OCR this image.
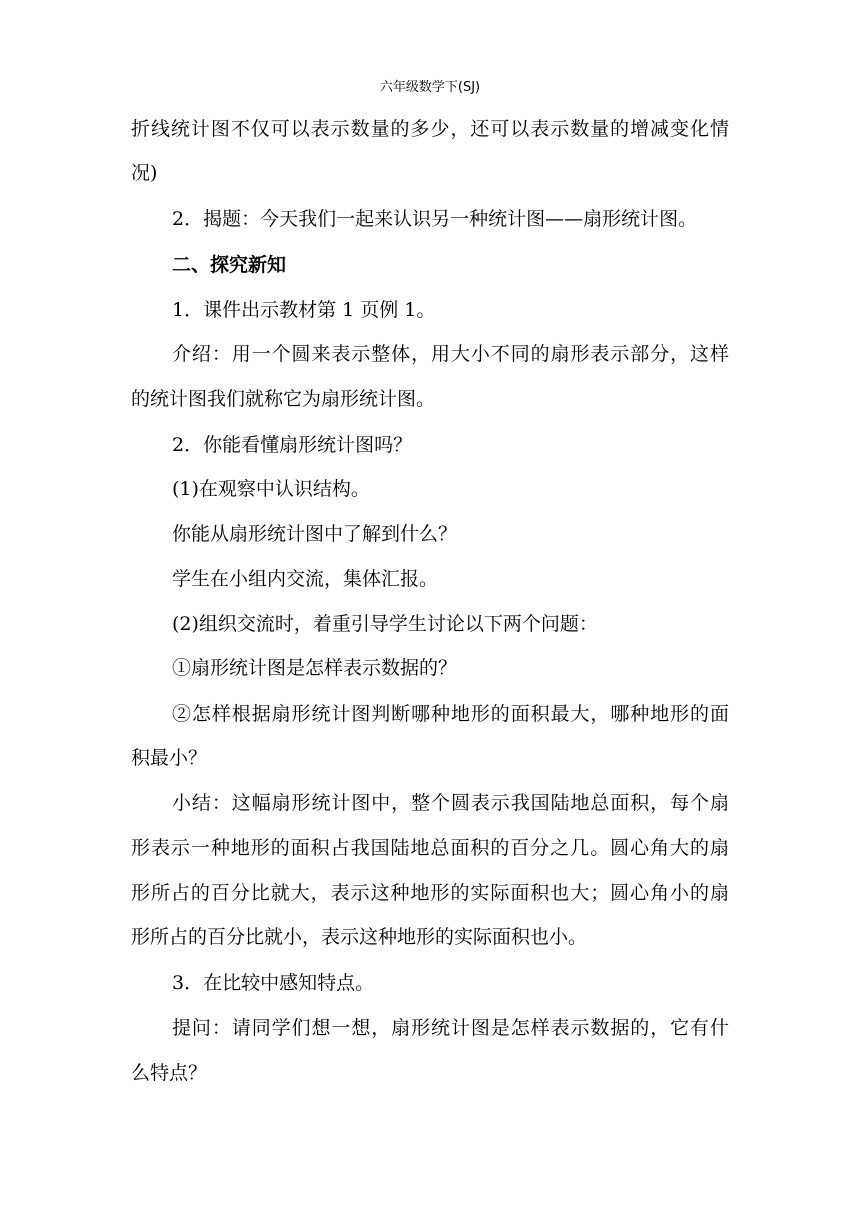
六年级数学下(SJ)
折线统计图不仅可以表示数量的多少，还可以表示数量的增减变化情
况)
2．揭题：今天我们一起来认识另一种统计图——扇形统计图。
二、探究新知
1．课件出示教材第 1 页例 1。
介绍：用一个圆来表示整体，用大小不同的扇形表示部分，这样
的统计图我们就称它为扇形统计图。
2．你能看懂扇形统计图吗？
(1)在观察中认识结构。
你能从扇形统计图中了解到什么？
学生在小组内交流，集体汇报。
(2)组织交流时，着重引导学生讨论以下两个问题：
①扇形统计图是怎样表示数据的？
②怎样根据扇形统计图判断哪种地形的面积最大，哪种地形的面
积最小？
小结：这幅扇形统计图中，整个圆表示我国陆地总面积，每个扇
形表示一种地形的面积占我国陆地总面积的百分之几。圆心角大的扇
形所占的百分比就大，表示这种地形的实际面积也大；圆心角小的扇
形所占的百分比就小，表示这种地形的实际面积也小。
3．在比较中感知特点。
提问：请同学们想一想，扇形统计图是怎样表示数据的，它有什
么特点？
